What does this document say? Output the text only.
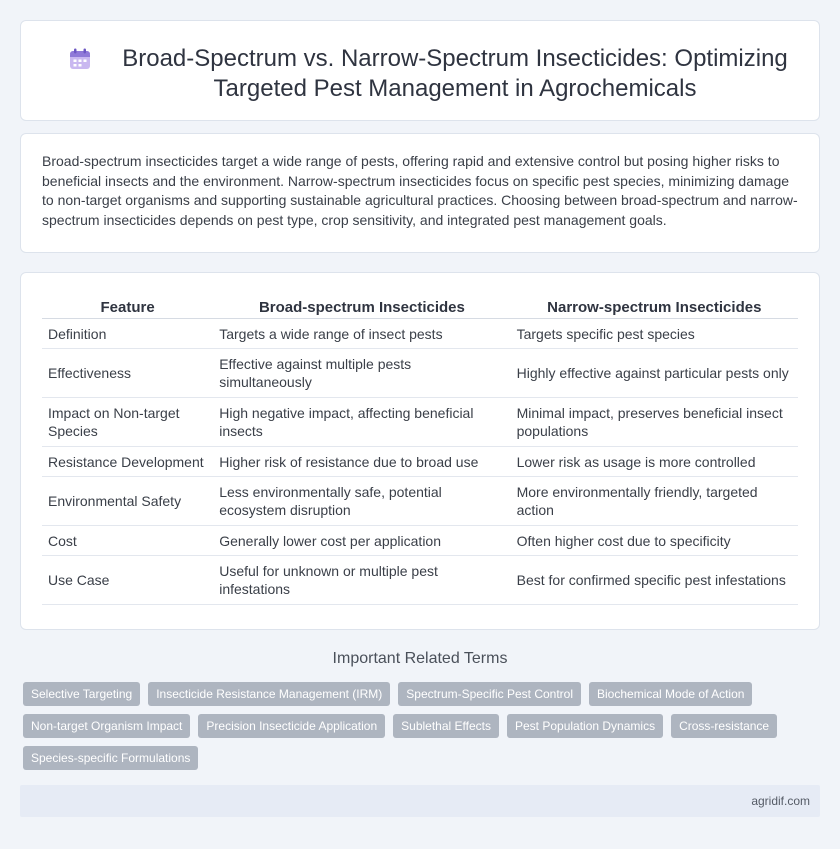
Broad-Spectrum vs. Narrow-Spectrum Insecticides: Optimizing Targeted Pest Management in Agrochemicals

Broad-spectrum insecticides target a wide range of pests, offering rapid and extensive control but posing higher risks to beneficial insects and the environment. Narrow-spectrum insecticides focus on specific pest species, minimizing damage to non-target organisms and supporting sustainable agricultural practices. Choosing between broad-spectrum and narrow-spectrum insecticides depends on pest type, crop sensitivity, and integrated pest management goals.

Feature	Broad-spectrum Insecticides	Narrow-spectrum Insecticides
Definition	Targets a wide range of insect pests	Targets specific pest species
Effectiveness	Effective against multiple pests simultaneously	Highly effective against particular pests only
Impact on Non-target Species	High negative impact, affecting beneficial insects	Minimal impact, preserves beneficial insect populations
Resistance Development	Higher risk of resistance due to broad use	Lower risk as usage is more controlled
Environmental Safety	Less environmentally safe, potential ecosystem disruption	More environmentally friendly, targeted action
Cost	Generally lower cost per application	Often higher cost due to specificity
Use Case	Useful for unknown or multiple pest infestations	Best for confirmed specific pest infestations
Important Related Terms
Selective Targeting	Insecticide Resistance Management (IRM)	Spectrum-Specific Pest Control	Biochemical Mode of Action
Non-target Organism Impact	Precision Insecticide Application	Sublethal Effects	Pest Population Dynamics	Cross-resistance
Species-specific Formulations
agridif.com
